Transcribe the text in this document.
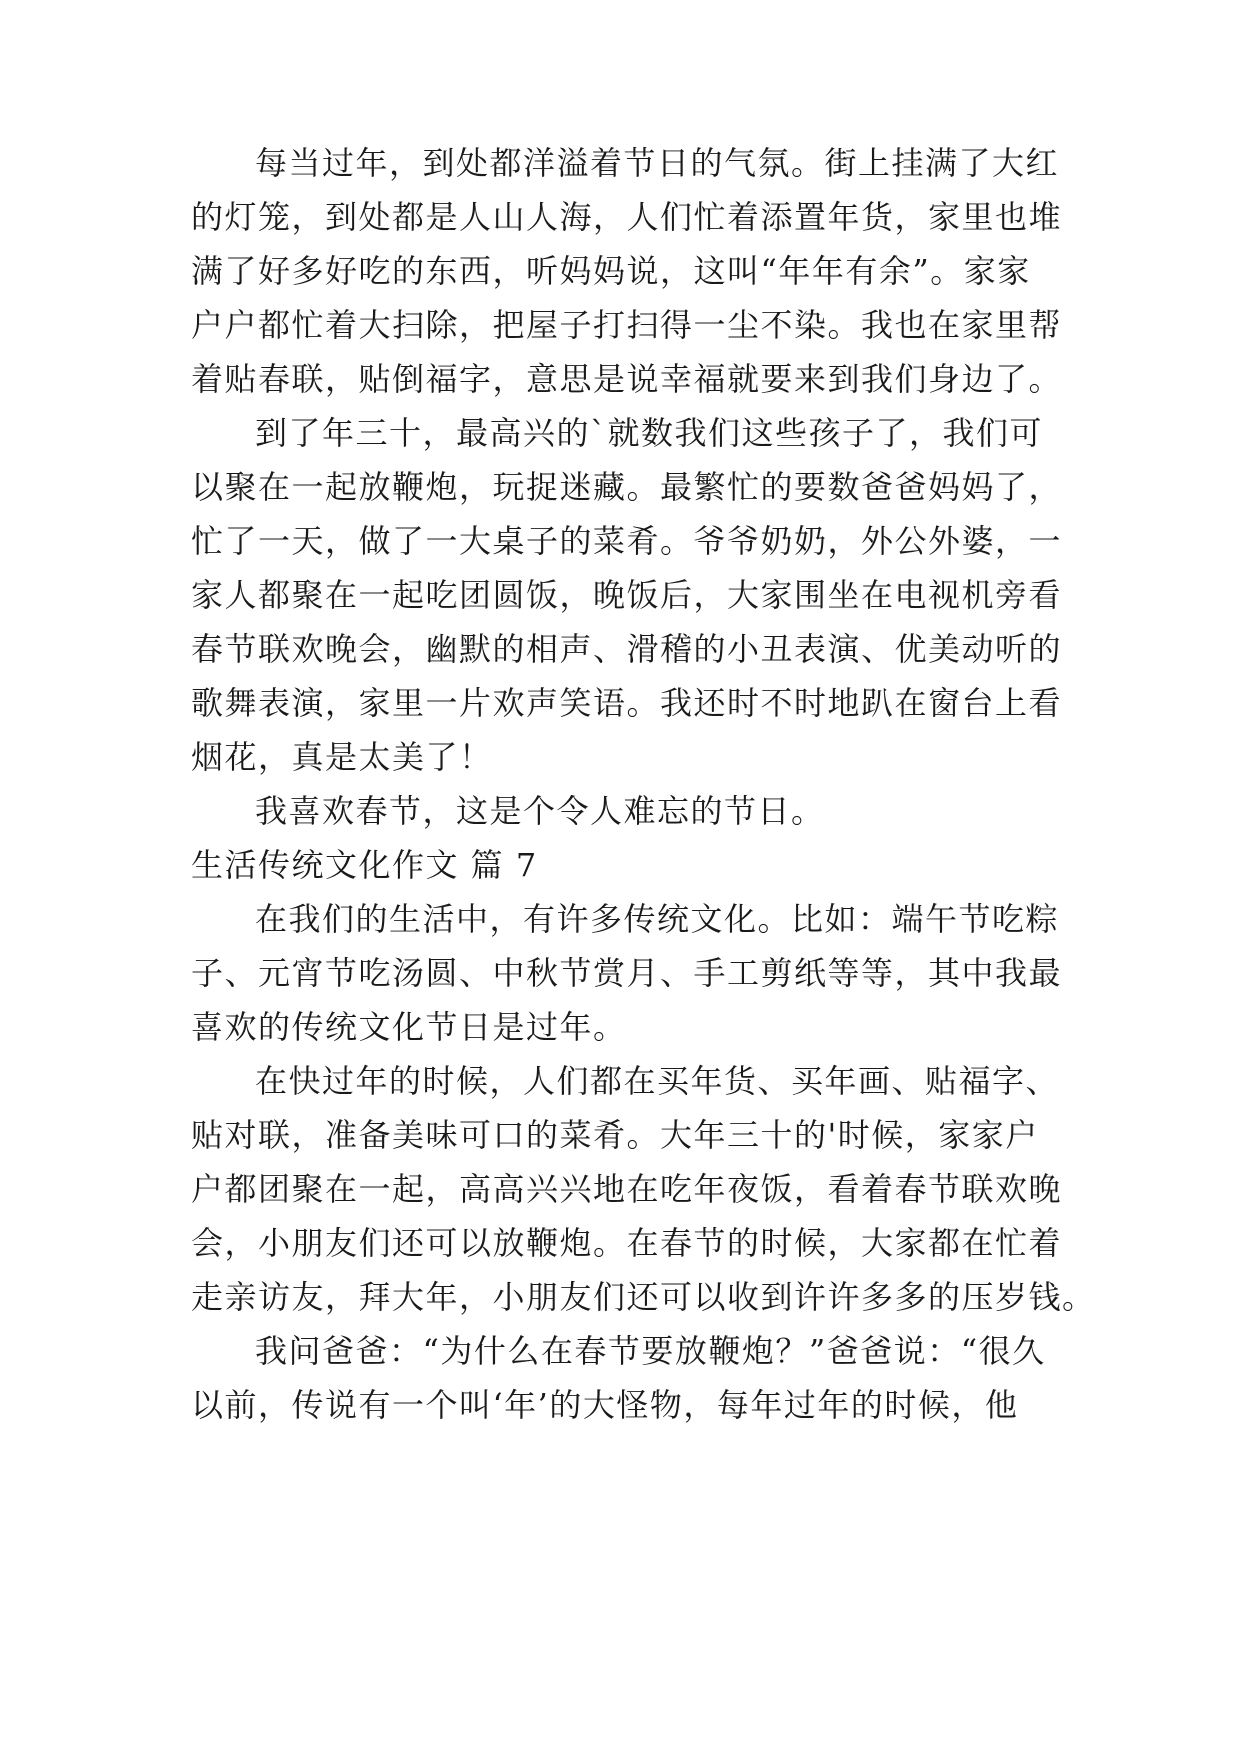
每当过年，到处都洋溢着节日的气氛。街上挂满了大红
的灯笼，到处都是人山人海，人们忙着添置年货，家里也堆
满了好多好吃的东西，听妈妈说，这叫“年年有余”。家家
户户都忙着大扫除，把屋子打扫得一尘不染。我也在家里帮
着贴春联，贴倒福字，意思是说幸福就要来到我们身边了。
到了年三十，最高兴的`就数我们这些孩子了，我们可
以聚在一起放鞭炮，玩捉迷藏。最繁忙的要数爸爸妈妈了，
忙了一天，做了一大桌子的菜肴。爷爷奶奶，外公外婆，一
家人都聚在一起吃团圆饭，晚饭后，大家围坐在电视机旁看
春节联欢晚会，幽默的相声、滑稽的小丑表演、优美动听的
歌舞表演，家里一片欢声笑语。我还时不时地趴在窗台上看
烟花，真是太美了！
我喜欢春节，这是个令人难忘的节日。
生活传统文化作文 篇 7
在我们的生活中，有许多传统文化。比如：端午节吃粽
子、元宵节吃汤圆、中秋节赏月、手工剪纸等等，其中我最
喜欢的传统文化节日是过年。
在快过年的时候，人们都在买年货、买年画、贴福字、
贴对联，准备美味可口的菜肴。大年三十的'时候，家家户
户都团聚在一起，高高兴兴地在吃年夜饭，看着春节联欢晚
会，小朋友们还可以放鞭炮。在春节的时候，大家都在忙着
走亲访友，拜大年，小朋友们还可以收到许许多多的压岁钱。
我问爸爸：“为什么在春节要放鞭炮？”爸爸说：“很久
以前，传说有一个叫‘年’的大怪物，每年过年的时候，他
